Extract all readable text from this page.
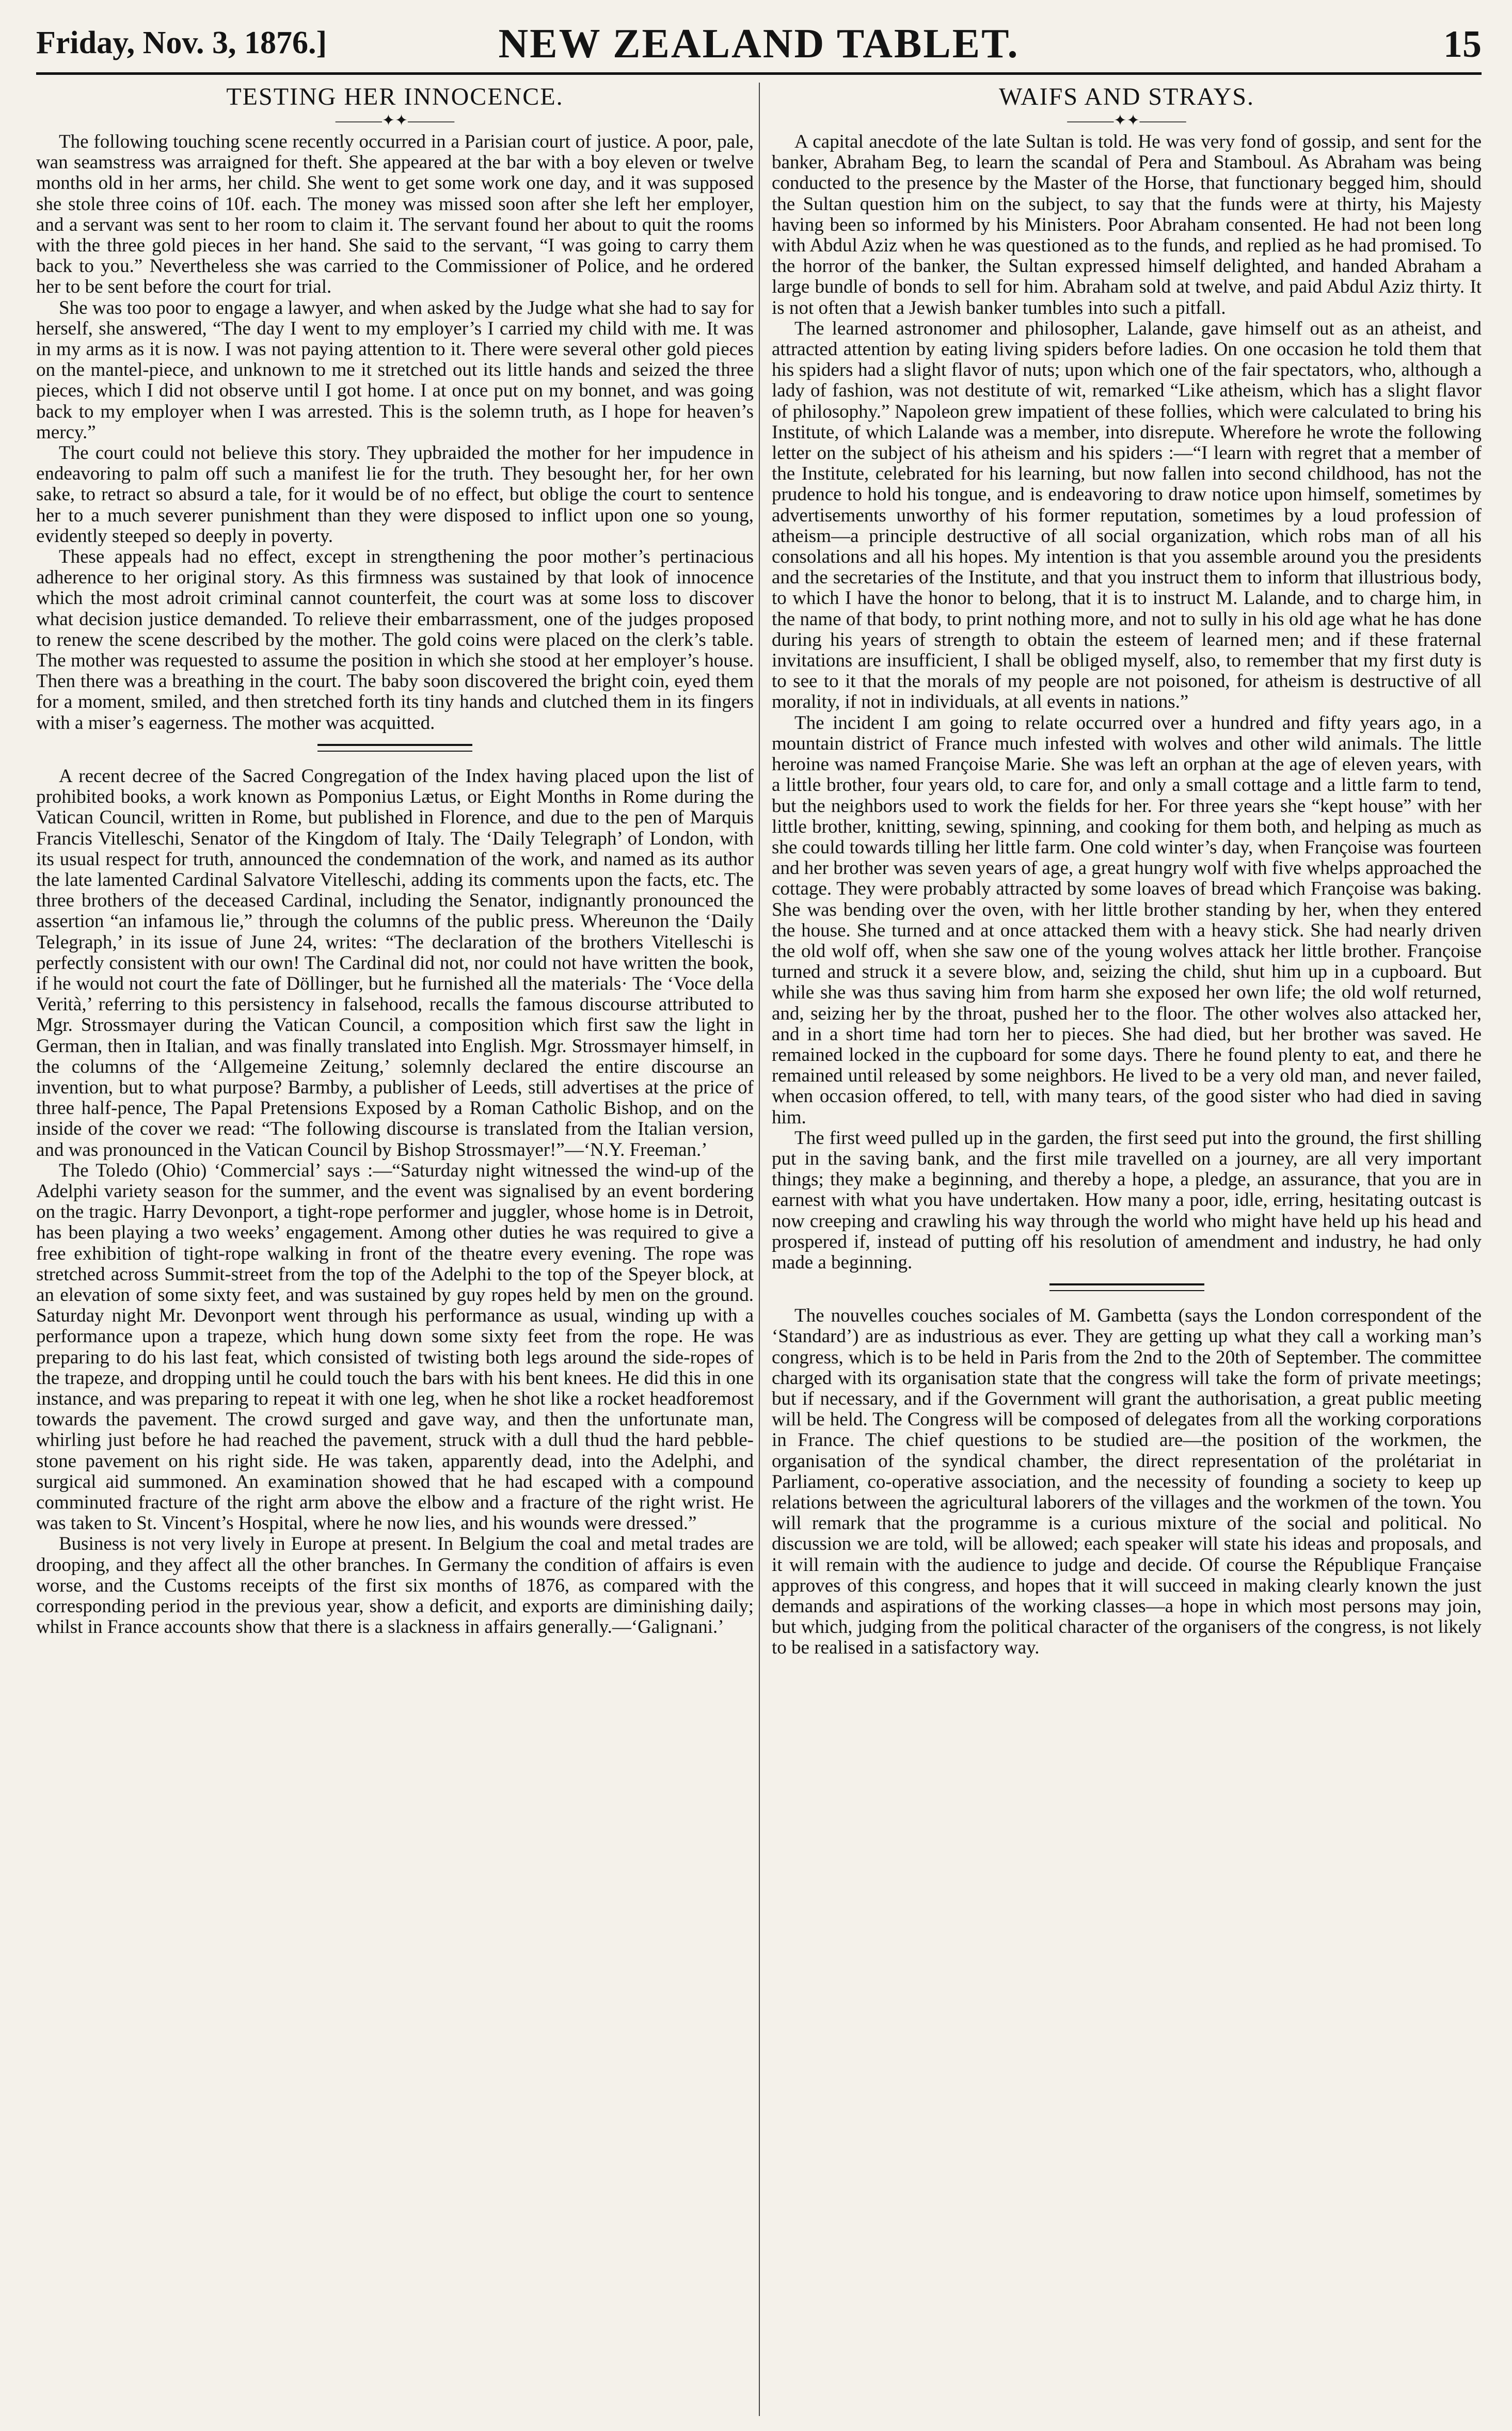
Friday, Nov. 3, 1876.]	NEW ZEALAND TABLET.	15
TESTING HER INNOCENCE.
———✦✦———

The following touching scene recently occurred in a Parisian court of justice. A poor, pale, wan seamstress was arraigned for theft. She appeared at the bar with a boy eleven or twelve months old in her arms, her child. She went to get some work one day, and it was supposed she stole three coins of 10f. each. The money was missed soon after she left her employer, and a servant was sent to her room to claim it. The servant found her about to quit the rooms with the three gold pieces in her hand. She said to the servant, “I was going to carry them back to you.” Nevertheless she was carried to the Commissioner of Police, and he ordered her to be sent before the court for trial.

She was too poor to engage a lawyer, and when asked by the Judge what she had to say for herself, she answered, “The day I went to my employer’s I carried my child with me. It was in my arms as it is now. I was not paying attention to it. There were several other gold pieces on the mantel-piece, and unknown to me it stretched out its little hands and seized the three pieces, which I did not observe until I got home. I at once put on my bonnet, and was going back to my employer when I was arrested. This is the solemn truth, as I hope for heaven’s mercy.”

The court could not believe this story. They upbraided the mother for her impudence in endeavoring to palm off such a manifest lie for the truth. They besought her, for her own sake, to retract so absurd a tale, for it would be of no effect, but oblige the court to sentence her to a much severer punishment than they were disposed to inflict upon one so young, evidently steeped so deeply in poverty.

These appeals had no effect, except in strengthening the poor mother’s pertinacious adherence to her original story. As this firmness was sustained by that look of innocence which the most adroit criminal cannot counterfeit, the court was at some loss to discover what decision justice demanded. To relieve their embarrassment, one of the judges proposed to renew the scene described by the mother. The gold coins were placed on the clerk’s table. The mother was requested to assume the position in which she stood at her employer’s house. Then there was a breathing in the court. The baby soon discovered the bright coin, eyed them for a moment, smiled, and then stretched forth its tiny hands and clutched them in its fingers with a miser’s eagerness. The mother was acquitted.

A recent decree of the Sacred Congregation of the Index having placed upon the list of prohibited books, a work known as Pomponius Lætus, or Eight Months in Rome during the Vatican Council, written in Rome, but published in Florence, and due to the pen of Marquis Francis Vitelleschi, Senator of the Kingdom of Italy. The ‘Daily Telegraph’ of London, with its usual respect for truth, announced the condemnation of the work, and named as its author the late lamented Cardinal Salvatore Vitelleschi, adding its comments upon the facts, etc. The three brothers of the deceased Cardinal, including the Senator, indignantly pronounced the assertion “an infamous lie,” through the columns of the public press. Whereunon the ‘Daily Telegraph,’ in its issue of June 24, writes: “The declaration of the brothers Vitelleschi is perfectly consistent with our own! The Cardinal did not, nor could not have written the book, if he would not court the fate of Döllinger, but he furnished all the materials· The ‘Voce della Verità,’ referring to this persistency in falsehood, recalls the famous discourse attributed to Mgr. Strossmayer during the Vatican Council, a composition which first saw the light in German, then in Italian, and was finally translated into English. Mgr. Strossmayer himself, in the columns of the ‘Allgemeine Zeitung,’ solemnly declared the entire discourse an invention, but to what purpose? Barmby, a publisher of Leeds, still advertises at the price of three half-pence, The Papal Pretensions Exposed by a Roman Catholic Bishop, and on the inside of the cover we read: “The following discourse is translated from the Italian version, and was pronounced in the Vatican Council by Bishop Strossmayer!”—‘N.Y. Freeman.’

The Toledo (Ohio) ‘Commercial’ says :—“Saturday night witnessed the wind-up of the Adelphi variety season for the summer, and the event was signalised by an event bordering on the tragic. Harry Devonport, a tight-rope performer and juggler, whose home is in Detroit, has been playing a two weeks’ engagement. Among other duties he was required to give a free exhibition of tight-rope walking in front of the theatre every evening. The rope was stretched across Summit-street from the top of the Adelphi to the top of the Speyer block, at an elevation of some sixty feet, and was sustained by guy ropes held by men on the ground. Saturday night Mr. Devonport went through his performance as usual, winding up with a performance upon a trapeze, which hung down some sixty feet from the rope. He was preparing to do his last feat, which consisted of twisting both legs around the side-ropes of the trapeze, and dropping until he could touch the bars with his bent knees. He did this in one instance, and was preparing to repeat it with one leg, when he shot like a rocket headforemost towards the pavement. The crowd surged and gave way, and then the unfortunate man, whirling just before he had reached the pavement, struck with a dull thud the hard pebble-stone pavement on his right side. He was taken, apparently dead, into the Adelphi, and surgical aid summoned. An examination showed that he had escaped with a compound comminuted fracture of the right arm above the elbow and a fracture of the right wrist. He was taken to St. Vincent’s Hospital, where he now lies, and his wounds were dressed.”

Business is not very lively in Europe at present. In Belgium the coal and metal trades are drooping, and they affect all the other branches. In Germany the condition of affairs is even worse, and the Customs receipts of the first six months of 1876, as compared with the corresponding period in the previous year, show a deficit, and exports are diminishing daily; whilst in France accounts show that there is a slackness in affairs generally.—‘Galignani.’

WAIFS AND STRAYS.
———✦✦———

A capital anecdote of the late Sultan is told. He was very fond of gossip, and sent for the banker, Abraham Beg, to learn the scandal of Pera and Stamboul. As Abraham was being conducted to the presence by the Master of the Horse, that functionary begged him, should the Sultan question him on the subject, to say that the funds were at thirty, his Majesty having been so informed by his Ministers. Poor Abraham consented. He had not been long with Abdul Aziz when he was questioned as to the funds, and replied as he had promised. To the horror of the banker, the Sultan expressed himself delighted, and handed Abraham a large bundle of bonds to sell for him. Abraham sold at twelve, and paid Abdul Aziz thirty. It is not often that a Jewish banker tumbles into such a pitfall.

The learned astronomer and philosopher, Lalande, gave himself out as an atheist, and attracted attention by eating living spiders before ladies. On one occasion he told them that his spiders had a slight flavor of nuts; upon which one of the fair spectators, who, although a lady of fashion, was not destitute of wit, remarked “Like atheism, which has a slight flavor of philosophy.” Napoleon grew impatient of these follies, which were calculated to bring his Institute, of which Lalande was a member, into disrepute. Wherefore he wrote the following letter on the subject of his atheism and his spiders :—“I learn with regret that a member of the Institute, celebrated for his learning, but now fallen into second childhood, has not the prudence to hold his tongue, and is endeavoring to draw notice upon himself, sometimes by advertisements unworthy of his former reputation, sometimes by a loud profession of atheism—a principle destructive of all social organization, which robs man of all his consolations and all his hopes. My intention is that you assemble around you the presidents and the secretaries of the Institute, and that you instruct them to inform that illustrious body, to which I have the honor to belong, that it is to instruct M. Lalande, and to charge him, in the name of that body, to print nothing more, and not to sully in his old age what he has done during his years of strength to obtain the esteem of learned men; and if these fraternal invitations are insufficient, I shall be obliged myself, also, to remember that my first duty is to see to it that the morals of my people are not poisoned, for atheism is destructive of all morality, if not in individuals, at all events in nations.”

The incident I am going to relate occurred over a hundred and fifty years ago, in a mountain district of France much infested with wolves and other wild animals. The little heroine was named Françoise Marie. She was left an orphan at the age of eleven years, with a little brother, four years old, to care for, and only a small cottage and a little farm to tend, but the neighbors used to work the fields for her. For three years she “kept house” with her little brother, knitting, sewing, spinning, and cooking for them both, and helping as much as she could towards tilling her little farm. One cold winter’s day, when Françoise was fourteen and her brother was seven years of age, a great hungry wolf with five whelps approached the cottage. They were probably attracted by some loaves of bread which Françoise was baking. She was bending over the oven, with her little brother standing by her, when they entered the house. She turned and at once attacked them with a heavy stick. She had nearly driven the old wolf off, when she saw one of the young wolves attack her little brother. Françoise turned and struck it a severe blow, and, seizing the child, shut him up in a cupboard. But while she was thus saving him from harm she exposed her own life; the old wolf returned, and, seizing her by the throat, pushed her to the floor. The other wolves also attacked her, and in a short time had torn her to pieces. She had died, but her brother was saved. He remained locked in the cupboard for some days. There he found plenty to eat, and there he remained until released by some neighbors. He lived to be a very old man, and never failed, when occasion offered, to tell, with many tears, of the good sister who had died in saving him.

The first weed pulled up in the garden, the first seed put into the ground, the first shilling put in the saving bank, and the first mile travelled on a journey, are all very important things; they make a beginning, and thereby a hope, a pledge, an assurance, that you are in earnest with what you have undertaken. How many a poor, idle, erring, hesitating outcast is now creeping and crawling his way through the world who might have held up his head and prospered if, instead of putting off his resolution of amendment and industry, he had only made a beginning.

The nouvelles couches sociales of M. Gambetta (says the London correspondent of the ‘Standard’) are as industrious as ever. They are getting up what they call a working man’s congress, which is to be held in Paris from the 2nd to the 20th of September. The committee charged with its organisation state that the congress will take the form of private meetings; but if necessary, and if the Government will grant the authorisation, a great public meeting will be held. The Congress will be composed of delegates from all the working corporations in France. The chief questions to be studied are—the position of the workmen, the organisation of the syndical chamber, the direct representation of the prolétariat in Parliament, co-operative association, and the necessity of founding a society to keep up relations between the agricultural laborers of the villages and the workmen of the town. You will remark that the programme is a curious mixture of the social and political. No discussion we are told, will be allowed; each speaker will state his ideas and proposals, and it will remain with the audience to judge and decide. Of course the République Française approves of this congress, and hopes that it will succeed in making clearly known the just demands and aspirations of the working classes—a hope in which most persons may join, but which, judging from the political character of the organisers of the congress, is not likely to be realised in a satisfactory way.
